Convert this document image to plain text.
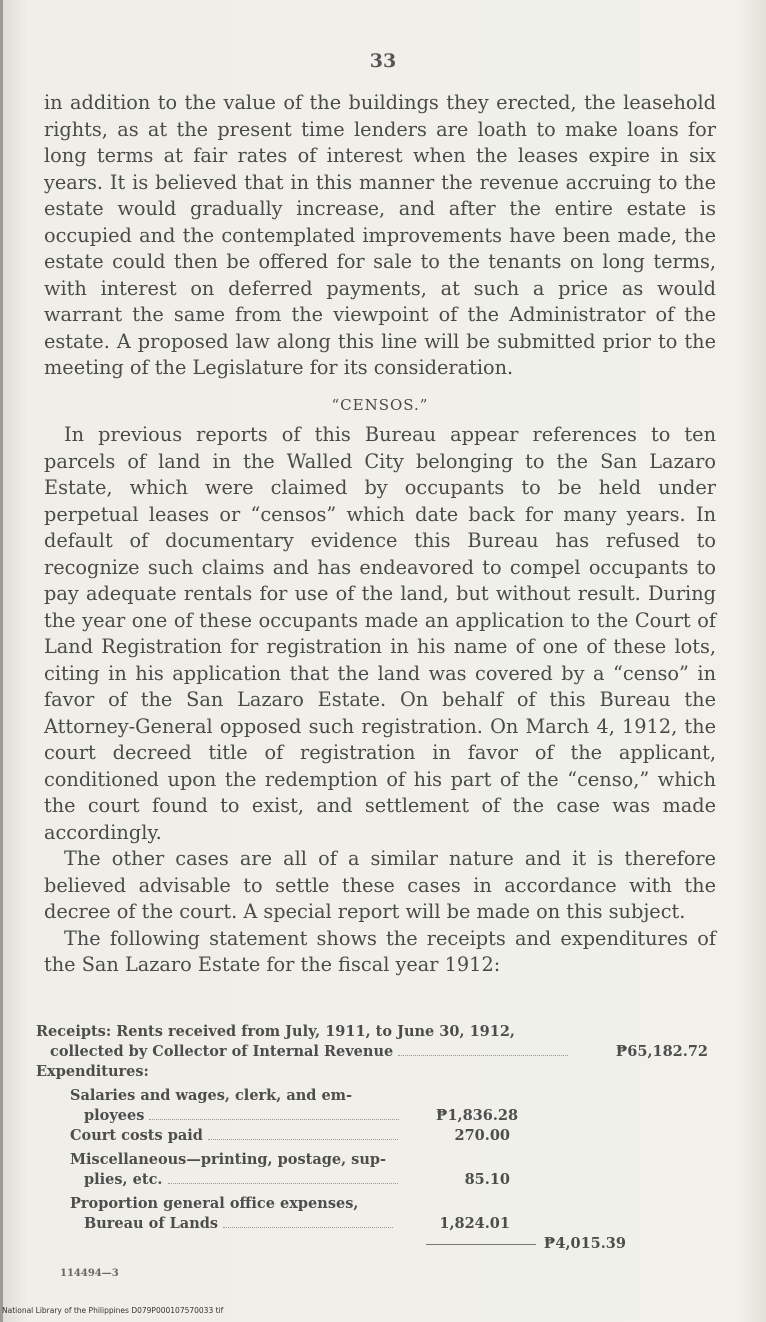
33

in addition to the value of the buildings they erected, the leasehold rights, as at the present time lenders are loath to make loans for long terms at fair rates of interest when the leases expire in six years. It is believed that in this manner the revenue accruing to the estate would gradually increase, and after the entire estate is occupied and the contemplated improvements have been made, the estate could then be offered for sale to the tenants on long terms, with interest on deferred payments, at such a price as would warrant the same from the viewpoint of the Administrator of the estate. A proposed law along this line will be submitted prior to the meeting of the Legislature for its consideration.

“CENSOS.”

In previous reports of this Bureau appear references to ten parcels of land in the Walled City belonging to the San Lazaro Estate, which were claimed by occupants to be held under perpetual leases or “censos” which date back for many years. In default of documentary evidence this Bureau has refused to recognize such claims and has endeavored to compel occupants to pay adequate rentals for use of the land, but without result. During the year one of these occupants made an application to the Court of Land Registration for registration in his name of one of these lots, citing in his application that the land was covered by a “censo” in favor of the San Lazaro Estate. On behalf of this Bureau the Attorney-General opposed such registration. On March 4, 1912, the court decreed title of registration in favor of the applicant, conditioned upon the redemption of his part of the “censo,” which the court found to exist, and settlement of the case was made accordingly.

The other cases are all of a similar nature and it is therefore believed advisable to settle these cases in accordance with the decree of the court. A special report will be made on this subject.

The following statement shows the receipts and expenditures of the San Lazaro Estate for the fiscal year 1912:

Receipts: Rents received from July, 1911, to June 30, 1912,
collected by Collector of Internal Revenue	₱65,182.72
Expenditures:
Salaries and wages, clerk, and em-
ployees	₱1,836.28
Court costs paid	270.00
Miscellaneous—printing, postage, sup-
plies, etc.	85.10
Proportion general office expenses,
Bureau of Lands	1,824.01
₱4,015.39
114494—3
National Library of the Philippines D079P000107570033 tif
